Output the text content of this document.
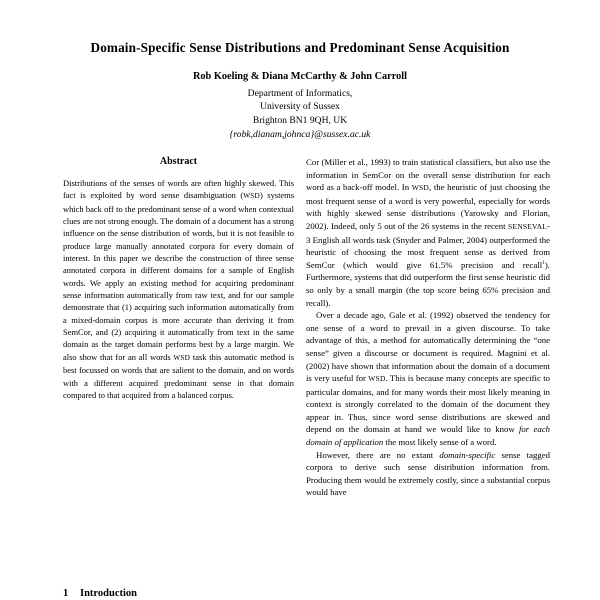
Domain-Specific Sense Distributions and Predominant Sense Acquisition
Rob Koeling & Diana McCarthy & John Carroll
Department of Informatics,
University of Sussex
Brighton BN1 9QH, UK
{robk,dianam,johnca}@sussex.ac.uk
Abstract

Distributions of the senses of words are often highly skewed. This fact is exploited by word sense disambiguation (WSD) systems which back off to the predominant sense of a word when contextual clues are not strong enough. The domain of a document has a strong influence on the sense distribution of words, but it is not feasible to produce large manually annotated corpora for every domain of interest. In this paper we describe the construction of three sense annotated corpora in different domains for a sample of English words. We apply an existing method for acquiring predominant sense information automatically from raw text, and for our sample demonstrate that (1) acquiring such information automatically from a mixed-domain corpus is more accurate than deriving it from SemCor, and (2) acquiring it automatically from text in the same domain as the target domain performs best by a large margin. We also show that for an all words WSD task this automatic method is best focussed on words that are salient to the domain, and on words with a different acquired predominant sense in that domain compared to that acquired from a balanced corpus.

Cor (Miller et al., 1993) to train statistical classifiers, but also use the information in SemCor on the overall sense distribution for each word as a back-off model. In WSD, the heuristic of just choosing the most frequent sense of a word is very powerful, especially for words with highly skewed sense distributions (Yarowsky and Florian, 2002). Indeed, only 5 out of the 26 systems in the recent SENSEVAL-3 English all words task (Snyder and Palmer, 2004) outperformed the heuristic of choosing the most frequent sense as derived from SemCor (which would give 61.5% precision and recall$^1$). Furthermore, systems that did outperform the first sense heuristic did so only by a small margin (the top score being 65% precision and recall).

Over a decade ago, Gale et al. (1992) observed the tendency for one sense of a word to prevail in a given discourse. To take advantage of this, a method for automatically determining the “one sense” given a discourse or document is required. Magnini et al. (2002) have shown that information about the domain of a document is very useful for WSD. This is because many concepts are specific to particular domains, and for many words their most likely meaning in context is strongly correlated to the domain of the document they appear in. Thus, since word sense distributions are skewed and depend on the domain at hand we would like to know for each domain of application the most likely sense of a word.

However, there are no extant domain-specific sense tagged corpora to derive such sense distribution information from. Producing them would be extremely costly, since a substantial corpus would have

1 Introduction
